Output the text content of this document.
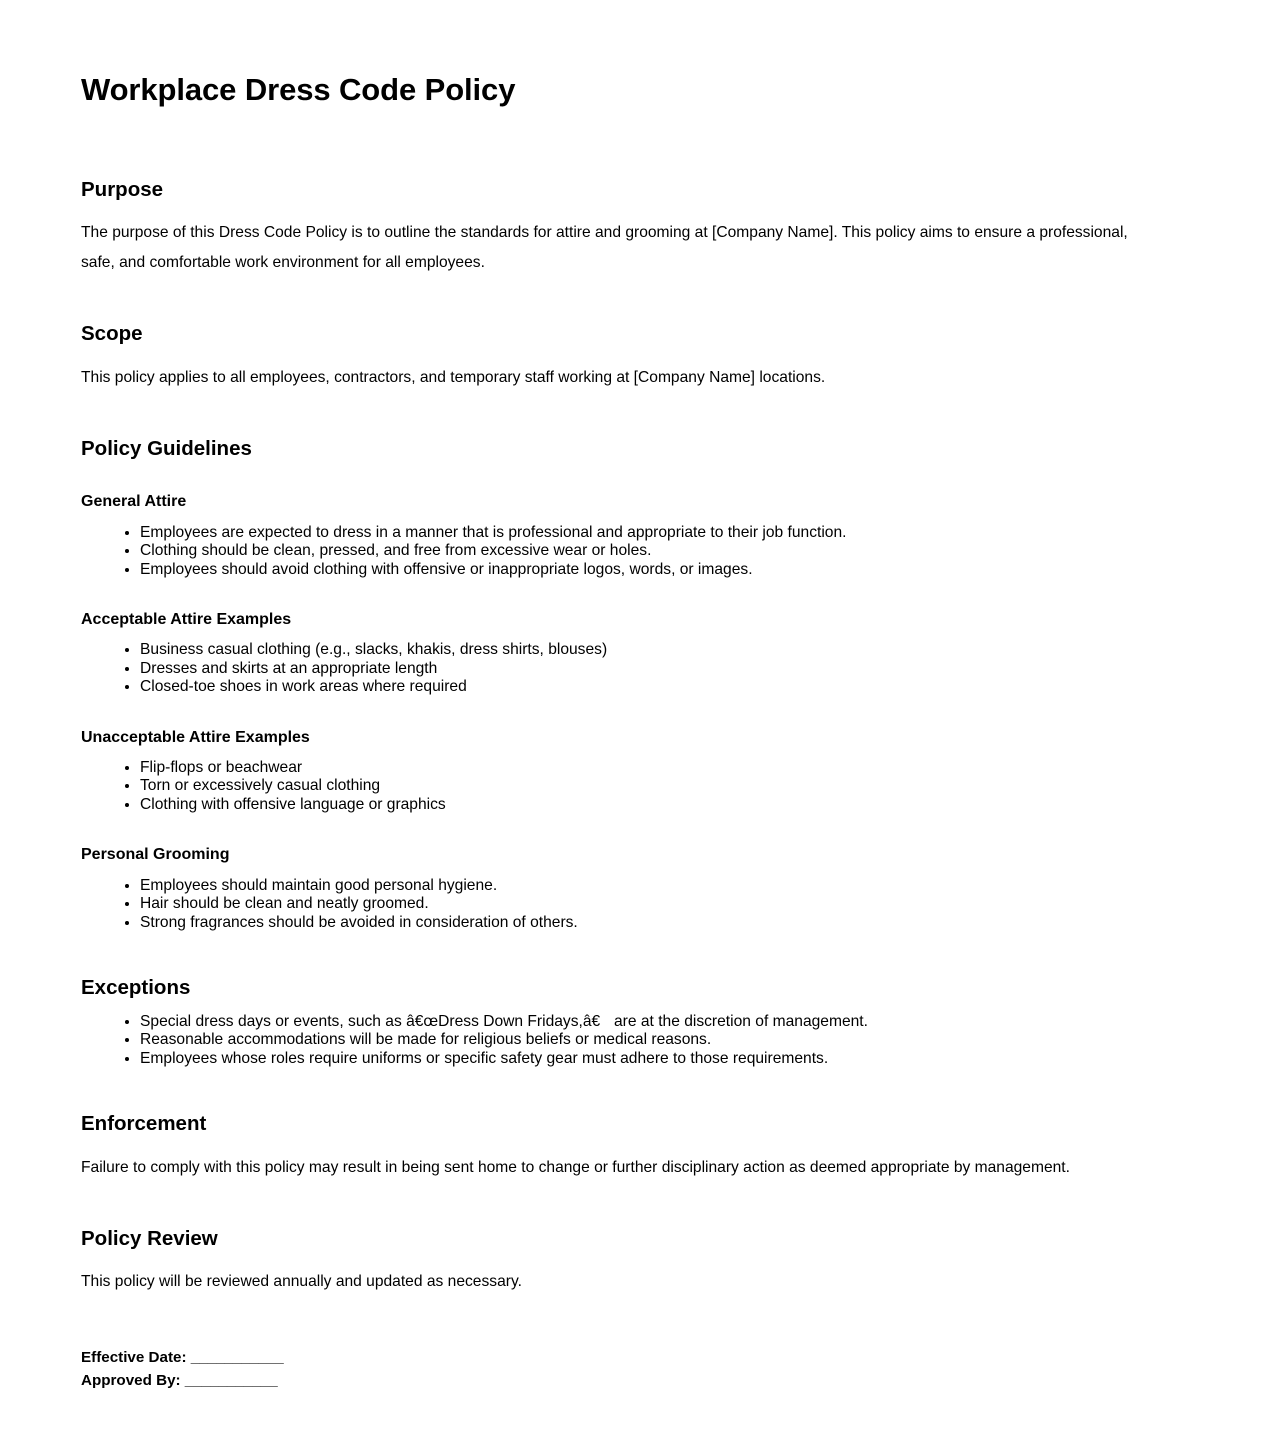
Workplace Dress Code Policy
Purpose

The purpose of this Dress Code Policy is to outline the standards for attire and grooming at [Company Name]. This policy aims to ensure a professional, safe, and comfortable work environment for all employees.

Scope

This policy applies to all employees, contractors, and temporary staff working at [Company Name] locations.

Policy Guidelines
General Attire
• Employees are expected to dress in a manner that is professional and appropriate to their job function.
• Clothing should be clean, pressed, and free from excessive wear or holes.
• Employees should avoid clothing with offensive or inappropriate logos, words, or images.
Acceptable Attire Examples
• Business casual clothing (e.g., slacks, khakis, dress shirts, blouses)
• Dresses and skirts at an appropriate length
• Closed-toe shoes in work areas where required
Unacceptable Attire Examples
• Flip-flops or beachwear
• Torn or excessively casual clothing
• Clothing with offensive language or graphics
Personal Grooming
• Employees should maintain good personal hygiene.
• Hair should be clean and neatly groomed.
• Strong fragrances should be avoided in consideration of others.
Exceptions
• Special dress days or events, such as â€œDress Down Fridays,â€ are at the discretion of management.
• Reasonable accommodations will be made for religious beliefs or medical reasons.
• Employees whose roles require uniforms or specific safety gear must adhere to those requirements.
Enforcement

Failure to comply with this policy may result in being sent home to change or further disciplinary action as deemed appropriate by management.

Policy Review

This policy will be reviewed annually and updated as necessary.

Effective Date: ___________

Approved By: ___________
